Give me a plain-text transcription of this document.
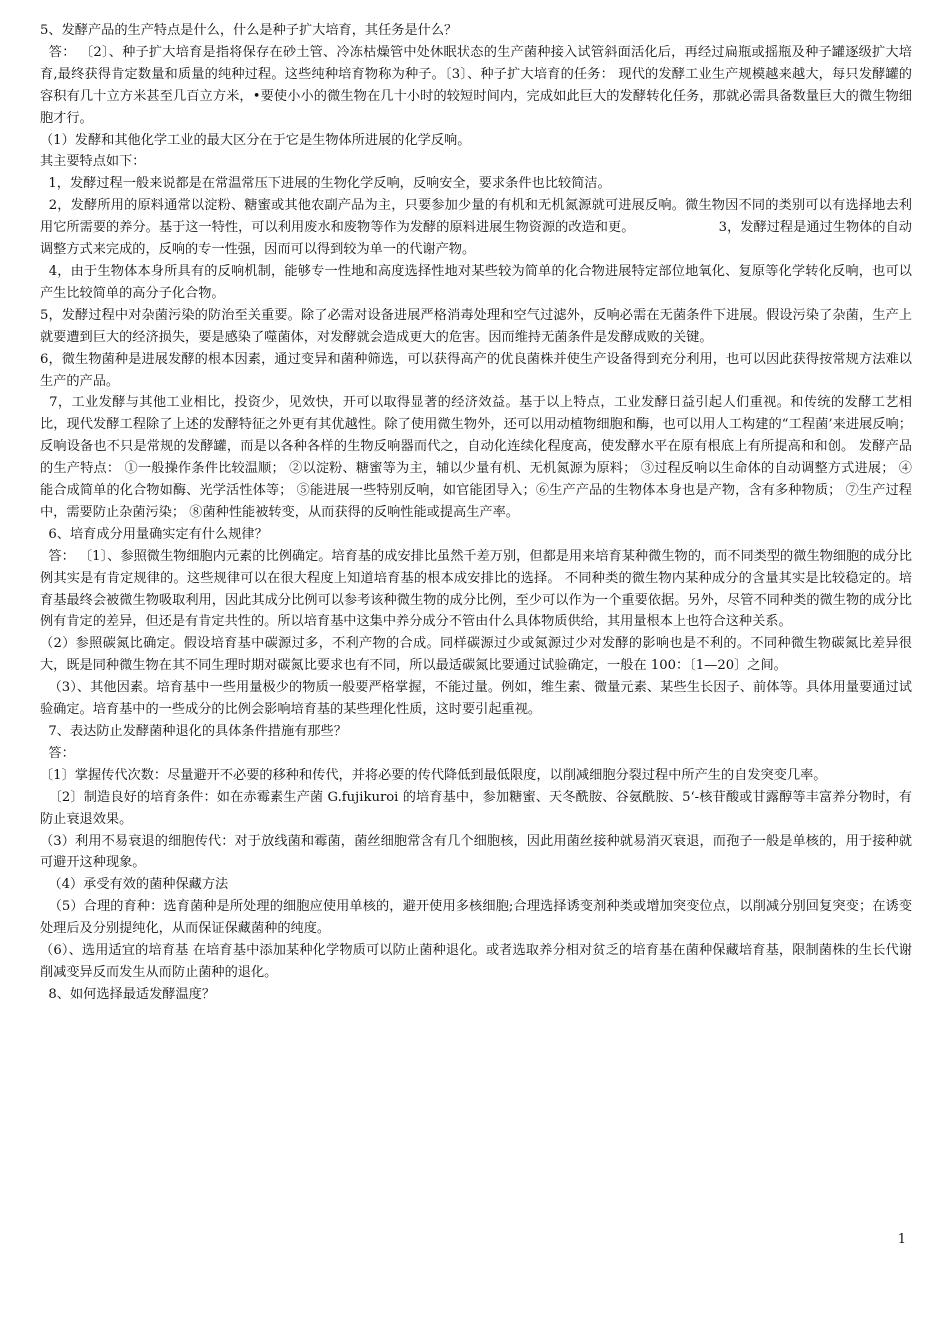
5、发酵产品的生产特点是什么，什么是种子扩大培育，其任务是什么？

答： 〔2〕、种子扩大培育是指将保存在砂土管、冷冻枯燥管中处休眠状态的生产菌种接入试管斜面活化后，再经过扁瓶或摇瓶及种子罐逐级扩大培育,最终获得肯定数量和质量的纯种过程。这些纯种培育物称为种子。〔3〕、种子扩大培育的任务： 现代的发酵工业生产规模越来越大，每只发酵罐的容积有几十立方米甚至几百立方米，•要使小小的微生物在几十小时的较短时间内，完成如此巨大的发酵转化任务，那就必需具备数量巨大的微生物细胞才行。

（1）发酵和其他化学工业的最大区分在于它是生物体所进展的化学反响。

其主要特点如下：

1，发酵过程一般来说都是在常温常压下进展的生物化学反响，反响安全，要求条件也比较简洁。

2，发酵所用的原料通常以淀粉、糖蜜或其他农副产品为主，只要参加少量的有机和无机氮源就可进展反响。微生物因不同的类别可以有选择地去利用它所需要的养分。基于这一特性，可以利用废水和废物等作为发酵的原料进展生物资源的改造和更。                    3，发酵过程是通过生物体的自动调整方式来完成的，反响的专一性强，因而可以得到较为单一的代谢产物。

4，由于生物体本身所具有的反响机制，能够专一性地和高度选择性地对某些较为简单的化合物进展特定部位地氧化、复原等化学转化反响，也可以产生比较简单的高分子化合物。

5，发酵过程中对杂菌污染的防治至关重要。除了必需对设备进展严格消毒处理和空气过滤外，反响必需在无菌条件下进展。假设污染了杂菌，生产上就要遭到巨大的经济损失，要是感染了噬菌体，对发酵就会造成更大的危害。因而维持无菌条件是发酵成败的关键。

6，微生物菌种是进展发酵的根本因素，通过变异和菌种筛选，可以获得高产的优良菌株并使生产设备得到充分利用，也可以因此获得按常规方法难以生产的产品。

7，工业发酵与其他工业相比，投资少，见效快，开可以取得显著的经济效益。基于以上特点，工业发酵日益引起人们重视。和传统的发酵工艺相比，现代发酵工程除了上述的发酵特征之外更有其优越性。除了使用微生物外，还可以用动植物细胞和酶，也可以用人工构建的“工程菌’来进展反响；反响设备也不只是常规的发酵罐，而是以各种各样的生物反响器而代之，自动化连续化程度高，使发酵水平在原有根底上有所提高和和创。 发酵产品的生产特点： ①一般操作条件比较温顺； ②以淀粉、糖蜜等为主，辅以少量有机、无机氮源为原料； ③过程反响以生命体的自动调整方式进展； ④能合成简单的化合物如酶、光学活性体等； ⑤能进展一些特别反响，如官能团导入；⑥生产产品的生物体本身也是产物，含有多种物质； ⑦生产过程中，需要防止杂菌污染； ⑧菌种性能被转变，从而获得的反响性能或提高生产率。

6、培育成分用量确实定有什么规律？

答： 〔1〕、参照微生物细胞内元素的比例确定。培育基的成安排比虽然千差万别，但都是用来培育某种微生物的，而不同类型的微生物细胞的成分比例其实是有肯定规律的。这些规律可以在很大程度上知道培育基的根本成安排比的选择。 不同种类的微生物内某种成分的含量其实是比较稳定的。培育基最终会被微生物吸取利用，因此其成分比例可以参考该种微生物的成分比例，至少可以作为一个重要依据。另外，尽管不同种类的微生物的成分比例有肯定的差异，但还是有肯定共性的。所以培育基中这集中养分成分不管由什么具体物质供给，其用量根本上也符合这种关系。

（2）参照碳氮比确定。假设培育基中碳源过多，不利产物的合成。同样碳源过少或氮源过少对发酵的影响也是不利的。不同种微生物碳氮比差异很大，既是同种微生物在其不同生理时期对碳氮比要求也有不同，所以最适碳氮比要通过试验确定，一般在 100：〔1—20〕之间。

（3）、其他因素。培育基中一些用量极少的物质一般要严格掌握，不能过量。例如，维生素、微量元素、某些生长因子、前体等。具体用量要通过试验确定。培育基中的一些成分的比例会影响培育基的某些理化性质，这时要引起重视。

7、表达防止发酵菌种退化的具体条件措施有那些？

答：

〔1〕掌握传代次数：尽量避开不必要的移种和传代，并将必要的传代降低到最低限度，以削减细胞分裂过程中所产生的自发突变几率。

〔2〕制造良好的培育条件：如在赤霉素生产菌 G.fujikuroi 的培育基中，参加糖蜜、天冬酰胺、谷氨酰胺、5‘-核苷酸或甘露醇等丰富养分物时，有防止衰退效果。

（3）利用不易衰退的细胞传代：对于放线菌和霉菌，菌丝细胞常含有几个细胞核，因此用菌丝接种就易消灭衰退，而孢子一般是单核的，用于接种就可避开这种现象。

（4）承受有效的菌种保藏方法

（5）合理的育种：选育菌种是所处理的细胞应使用单核的，避开使用多核细胞;合理选择诱变剂种类或增加突变位点，以削减分别回复突变；在诱变处理后及分别提纯化，从而保证保藏菌种的纯度。

（6）、选用适宜的培育基 在培育基中添加某种化学物质可以防止菌种退化。或者选取养分相对贫乏的培育基在菌种保藏培育基，限制菌株的生长代谢削减变异反而发生从而防止菌种的退化。

8、如何选择最适发酵温度？

1
